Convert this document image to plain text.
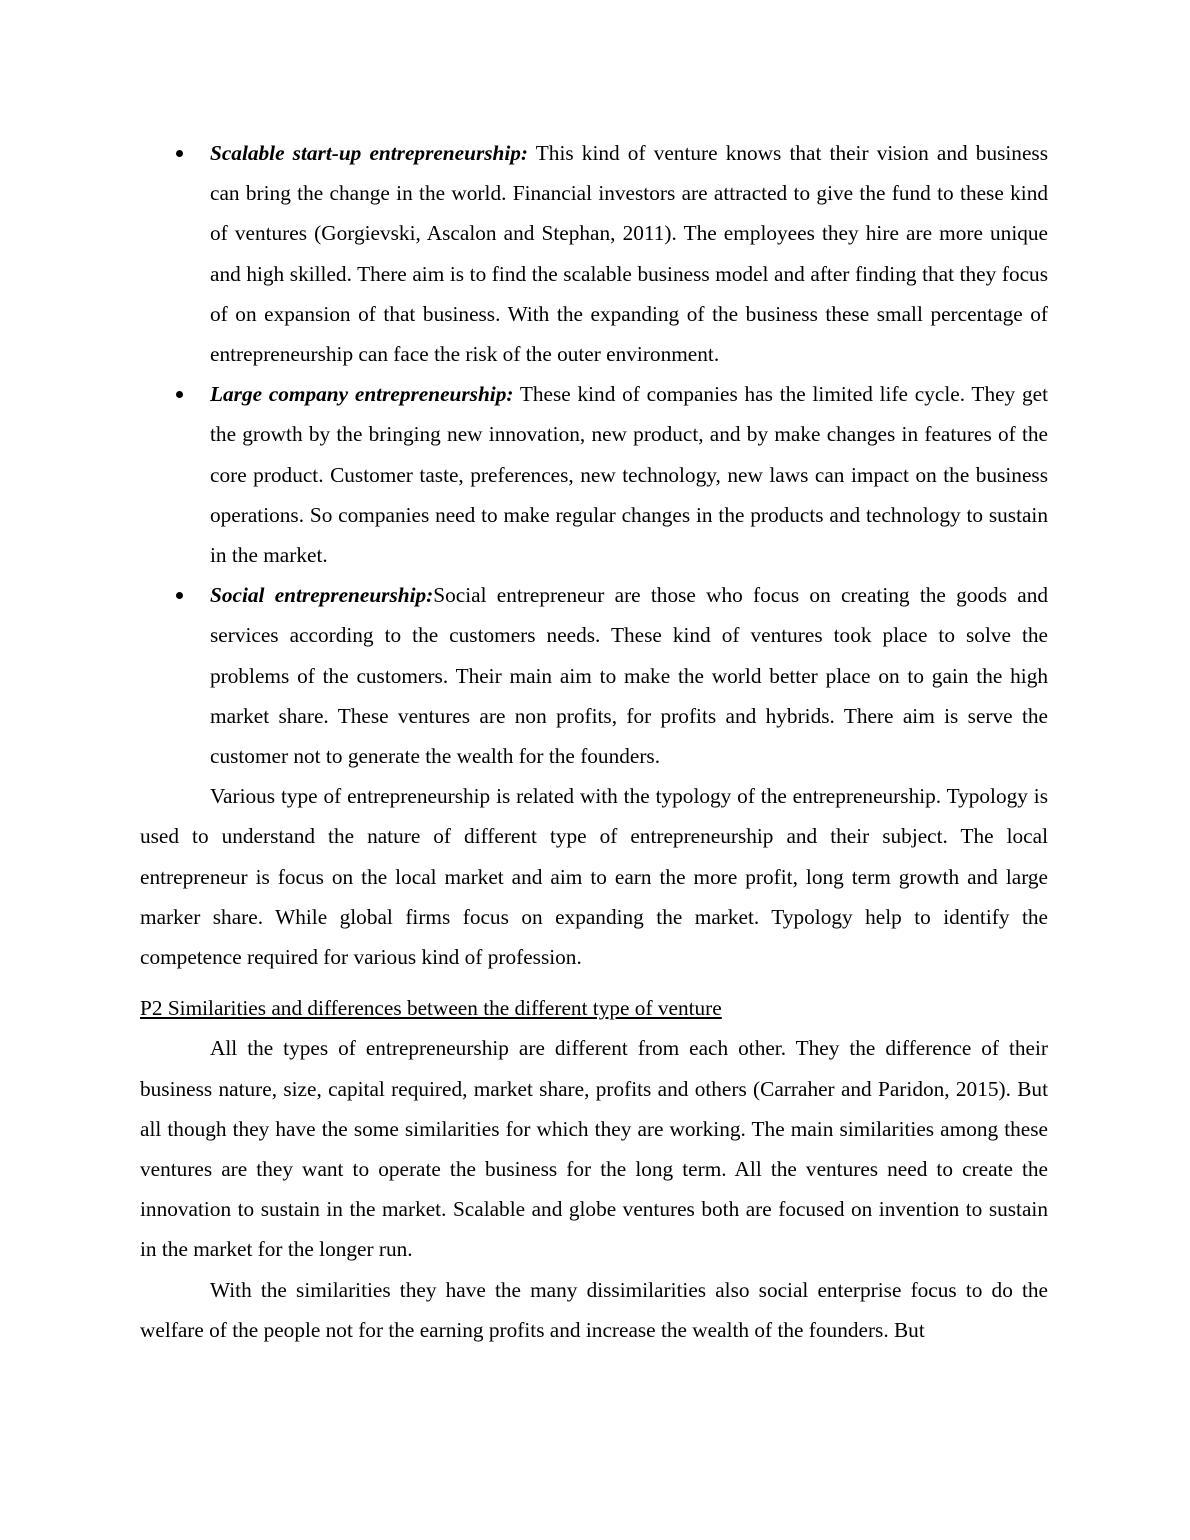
Scalable start-up entrepreneurship: This kind of venture knows that their vision and business can bring the change in the world. Financial investors are attracted to give the fund to these kind of ventures (Gorgievski, Ascalon and Stephan, 2011). The employees they hire are more unique and high skilled. There aim is to find the scalable business model and after finding that they focus of on expansion of that business. With the expanding of the business these small percentage of entrepreneurship can face the risk of the outer environment.
Large company entrepreneurship: These kind of companies has the limited life cycle. They get the growth by the bringing new innovation, new product, and by make changes in features of the core product. Customer taste, preferences, new technology, new laws can impact on the business operations. So companies need to make regular changes in the products and technology to sustain in the market.
Social entrepreneurship:Social entrepreneur are those who focus on creating the goods and services according to the customers needs. These kind of ventures took place to solve the problems of the customers. Their main aim to make the world better place on to gain the high market share. These ventures are non profits, for profits and hybrids. There aim is serve the customer not to generate the wealth for the founders.

Various type of entrepreneurship is related with the typology of the entrepreneurship. Typology is used to understand the nature of different type of entrepreneurship and their subject. The local entrepreneur is focus on the local market and aim to earn the more profit, long term growth and large marker share. While global firms focus on expanding the market. Typology help to identify the competence required for various kind of profession.

P2 Similarities and differences between the different type of venture

All the types of entrepreneurship are different from each other. They the difference of their business nature, size, capital required, market share, profits and others (Carraher and Paridon, 2015). But all though they have the some similarities for which they are working. The main similarities among these ventures are they want to operate the business for the long term. All the ventures need to create the innovation to sustain in the market. Scalable and globe ventures both are focused on invention to sustain in the market for the longer run.

With the similarities they have the many dissimilarities also social enterprise focus to do the welfare of the people not for the earning profits and increase the wealth of the founders. But
